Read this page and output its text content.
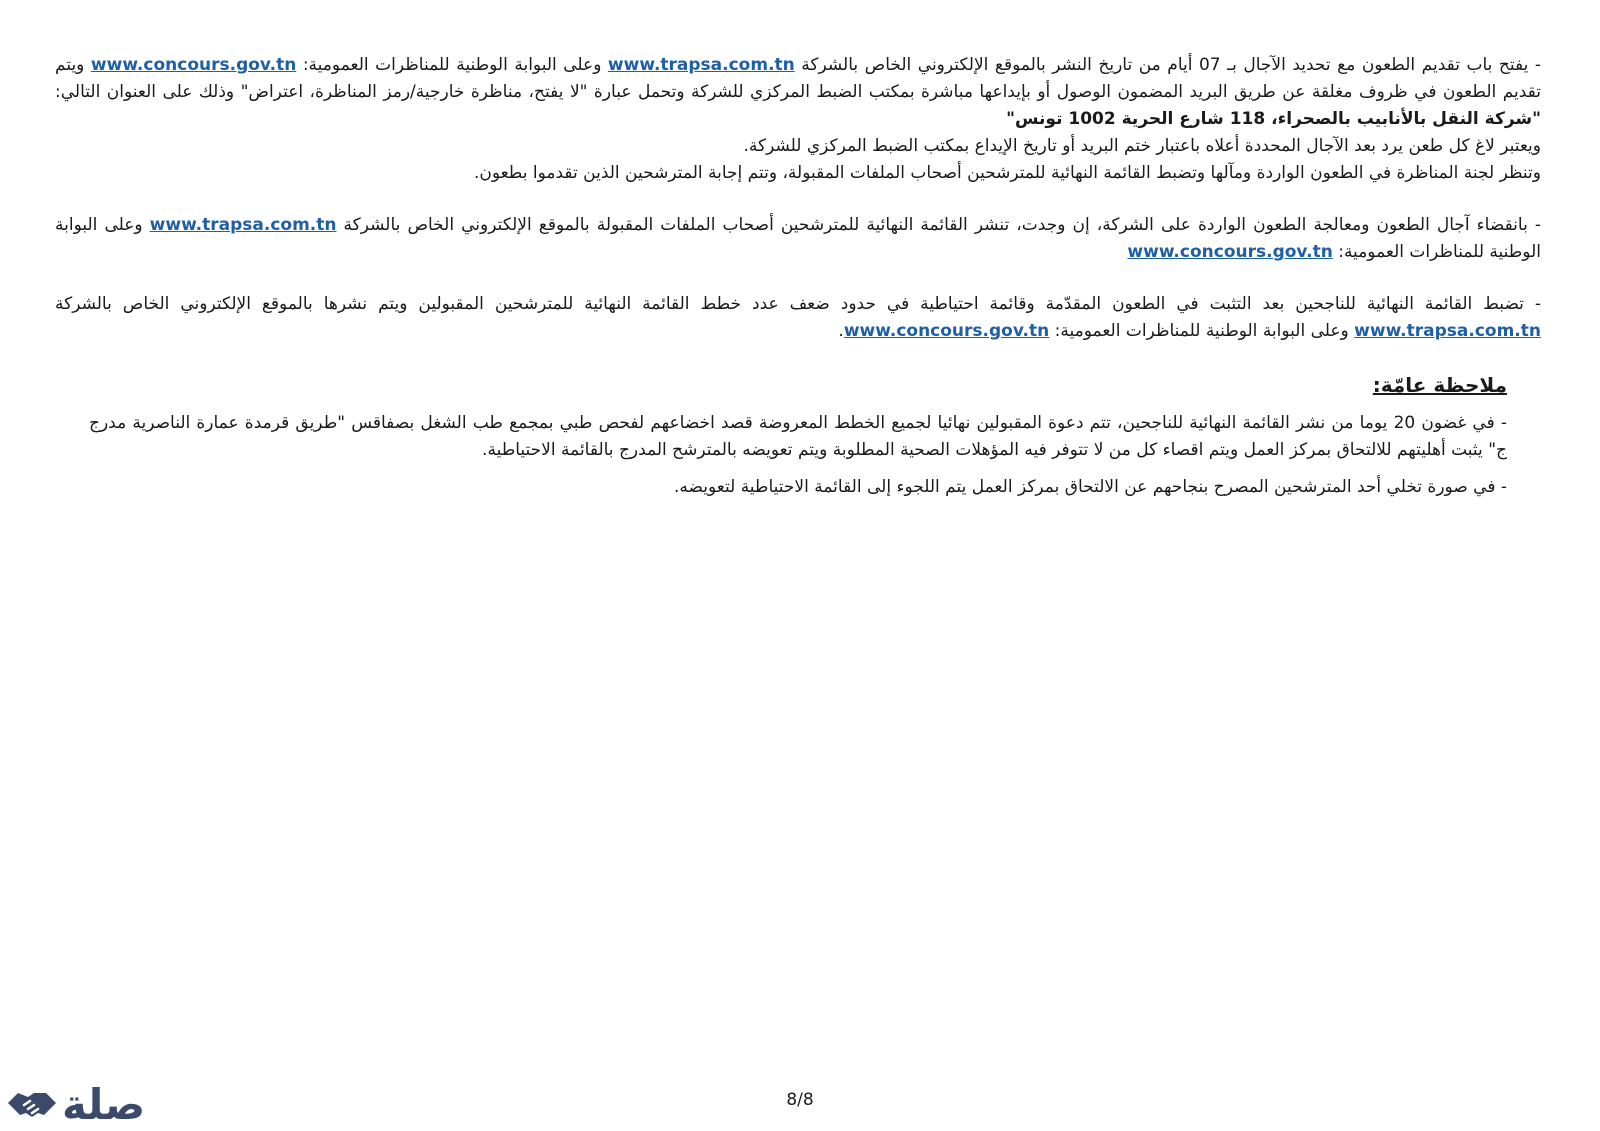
- يفتح باب تقديم الطعون مع تحديد الآجال بـ 07 أيام من تاريخ النشر بالموقع الإلكتروني الخاص بالشركة www.trapsa.com.tn وعلى البوابة الوطنية للمناظرات العمومية: www.concours.gov.tn ويتم تقديم الطعون في ظروف مغلقة عن طريق البريد المضمون الوصول أو بإيداعها مباشرة بمكتب الضبط المركزي للشركة وتحمل عبارة "لا يفتح، مناظرة خارجية/رمز المناظرة، اعتراض" وذلك على العنوان التالي: "شركة النقل بالأنابيب بالصحراء، 118 شارع الحرية 1002 تونس"

ويعتبر لاغ كل طعن يرد بعد الآجال المحددة أعلاه باعتبار ختم البريد أو تاريخ الإيداع بمكتب الضبط المركزي للشركة.

وتنظر لجنة المناظرة في الطعون الواردة ومآلها وتضبط القائمة النهائية للمترشحين أصحاب الملفات المقبولة، وتتم إجابة المترشحين الذين تقدموا بطعون.

- بانقضاء آجال الطعون ومعالجة الطعون الواردة على الشركة، إن وجدت، تنشر القائمة النهائية للمترشحين أصحاب الملفات المقبولة بالموقع الإلكتروني الخاص بالشركة www.trapsa.com.tn وعلى البوابة الوطنية للمناظرات العمومية: www.concours.gov.tn

- تضبط القائمة النهائية للناجحين بعد التثبت في الطعون المقدّمة وقائمة احتياطية في حدود ضعف عدد خطط القائمة النهائية للمترشحين المقبولين ويتم نشرها بالموقع الإلكتروني الخاص بالشركة www.trapsa.com.tn وعلى البوابة الوطنية للمناظرات العمومية: www.concours.gov.tn.

ملاحظة عامّة:

- في غضون 20 يوما من نشر القائمة النهائية للناجحين، تتم دعوة المقبولين نهائيا لجميع الخطط المعروضة قصد اخضاعهم لفحص طبي بمجمع طب الشغل بصفاقس "طريق قرمدة عمارة الناصرية مدرج ج" يثبت أهليتهم للالتحاق بمركز العمل ويتم اقصاء كل من لا تتوفر فيه المؤهلات الصحية المطلوبة ويتم تعويضه بالمترشح المدرج بالقائمة الاحتياطية.

- في صورة تخلي أحد المترشحين المصرح بنجاحهم عن الالتحاق بمركز العمل يتم اللجوء إلى القائمة الاحتياطية لتعويضه.

8/8
صلة
